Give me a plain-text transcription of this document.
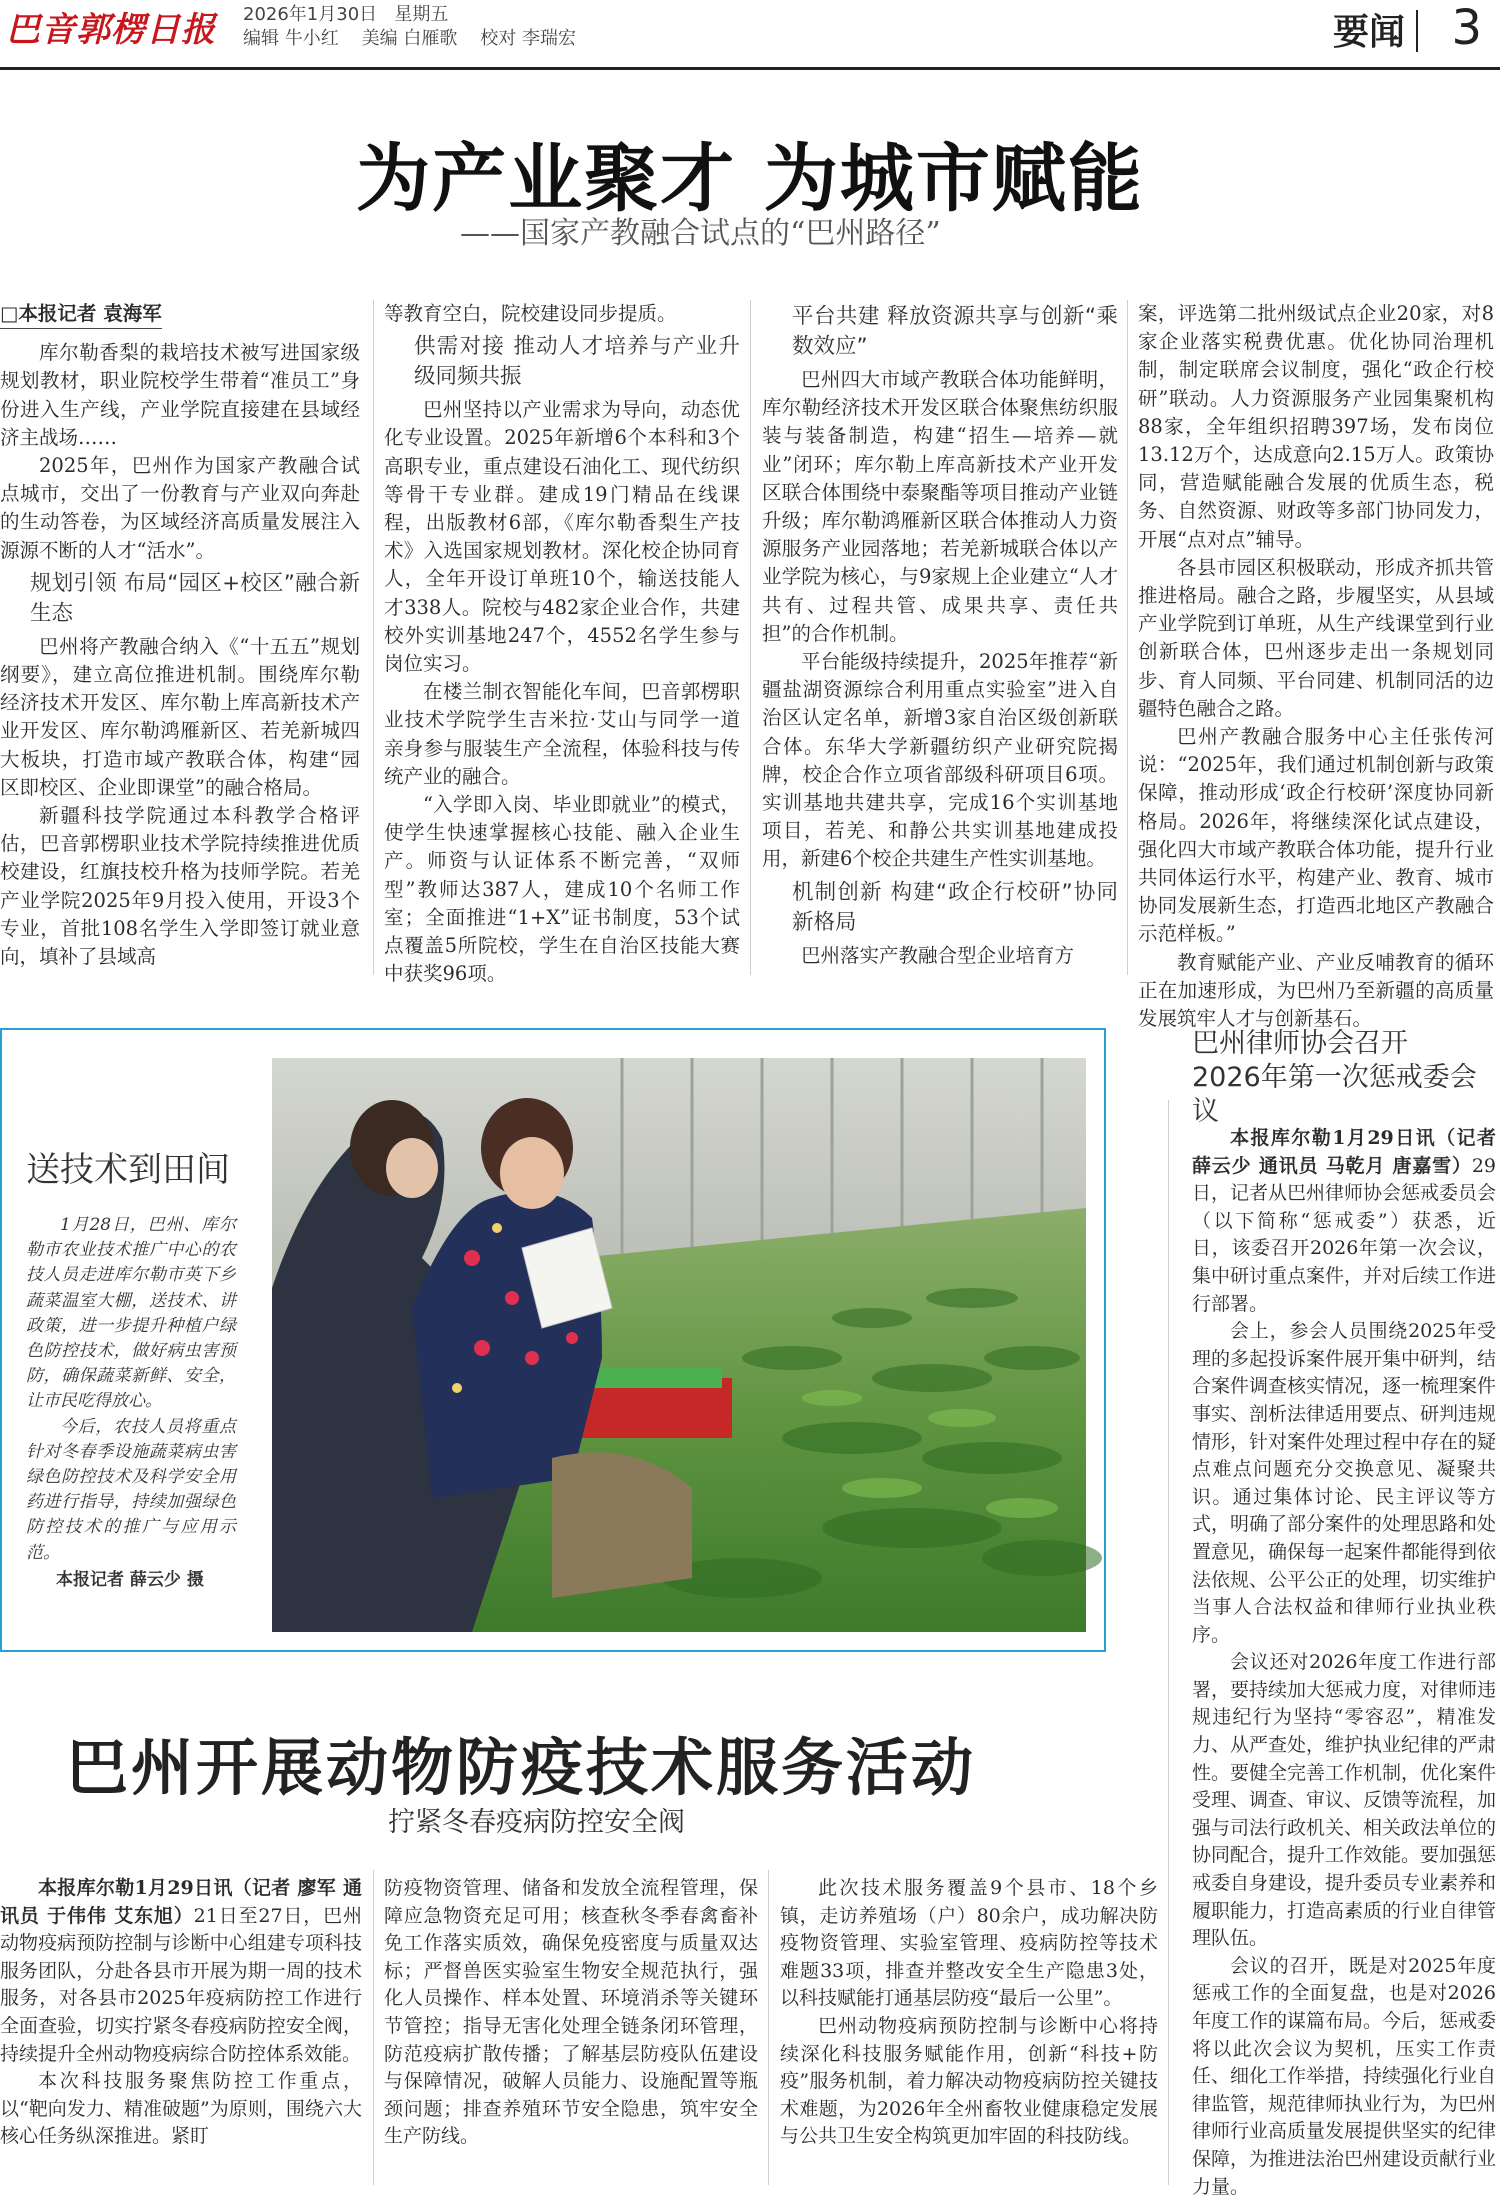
巴音郭楞日报 2026年1月30日 星期五
编辑 牛小红 美编 白雁歌 校对 李瑞宏	要闻 3
为产业聚才 为城市赋能
——国家产教融合试点的“巴州路径”
□本报记者 袁海军

库尔勒香梨的栽培技术被写进国家级规划教材，职业院校学生带着“准员工”身份进入生产线，产业学院直接建在县域经济主战场……

2025年，巴州作为国家产教融合试点城市，交出了一份教育与产业双向奔赴的生动答卷，为区域经济高质量发展注入源源不断的人才“活水”。

规划引领 布局“园区+校区”融合新生态

巴州将产教融合纳入《“十五五”规划纲要》，建立高位推进机制。围绕库尔勒经济技术开发区、库尔勒上库高新技术产业开发区、库尔勒鸿雁新区、若羌新城四大板块，打造市域产教联合体，构建“园区即校区、企业即课堂”的融合格局。

新疆科技学院通过本科教学合格评估，巴音郭楞职业技术学院持续推进优质校建设，红旗技校升格为技师学院。若羌产业学院2025年9月投入使用，开设3个专业，首批108名学生入学即签订就业意向，填补了县域高

等教育空白，院校建设同步提质。

供需对接 推动人才培养与产业升级同频共振

巴州坚持以产业需求为导向，动态优化专业设置。2025年新增6个本科和3个高职专业，重点建设石油化工、现代纺织等骨干专业群。建成19门精品在线课程，出版教材6部，《库尔勒香梨生产技术》入选国家规划教材。深化校企协同育人，全年开设订单班10个，输送技能人才338人。院校与482家企业合作，共建校外实训基地247个，4552名学生参与岗位实习。

在楼兰制衣智能化车间，巴音郭楞职业技术学院学生吉米拉·艾山与同学一道亲身参与服装生产全流程，体验科技与传统产业的融合。

“入学即入岗、毕业即就业”的模式，使学生快速掌握核心技能、融入企业生产。师资与认证体系不断完善，“双师型”教师达387人，建成10个名师工作室；全面推进“1+X”证书制度，53个试点覆盖5所院校，学生在自治区技能大赛中获奖96项。

平台共建 释放资源共享与创新“乘数效应”

巴州四大市域产教联合体功能鲜明，库尔勒经济技术开发区联合体聚焦纺织服装与装备制造，构建“招生—培养—就业”闭环；库尔勒上库高新技术产业开发区联合体围绕中泰聚酯等项目推动产业链升级；库尔勒鸿雁新区联合体推动人力资源服务产业园落地；若羌新城联合体以产业学院为核心，与9家规上企业建立“人才共有、过程共管、成果共享、责任共担”的合作机制。

平台能级持续提升，2025年推荐“新疆盐湖资源综合利用重点实验室”进入自治区认定名单，新增3家自治区级创新联合体。东华大学新疆纺织产业研究院揭牌，校企合作立项省部级科研项目6项。实训基地共建共享，完成16个实训基地项目，若羌、和静公共实训基地建成投用，新建6个校企共建生产性实训基地。

机制创新 构建“政企行校研”协同新格局

巴州落实产教融合型企业培育方

案，评选第二批州级试点企业20家，对8家企业落实税费优惠。优化协同治理机制，制定联席会议制度，强化“政企行校研”联动。人力资源服务产业园集聚机构88家，全年组织招聘397场，发布岗位13.12万个，达成意向2.15万人。政策协同，营造赋能融合发展的优质生态，税务、自然资源、财政等多部门协同发力，开展“点对点”辅导。

各县市园区积极联动，形成齐抓共管推进格局。融合之路，步履坚实，从县域产业学院到订单班，从生产线课堂到行业创新联合体，巴州逐步走出一条规划同步、育人同频、平台同建、机制同活的边疆特色融合之路。

巴州产教融合服务中心主任张传河说：“2025年，我们通过机制创新与政策保障，推动形成‘政企行校研’深度协同新格局。2026年，将继续深化试点建设，强化四大市域产教联合体功能，提升行业共同体运行水平，构建产业、教育、城市协同发展新生态，打造西北地区产教融合示范样板。”

教育赋能产业、产业反哺教育的循环正在加速形成，为巴州乃至新疆的高质量发展筑牢人才与创新基石。

送技术到田间

1月28日，巴州、库尔勒市农业技术推广中心的农技人员走进库尔勒市英下乡蔬菜温室大棚，送技术、讲政策，进一步提升种植户绿色防控技术，做好病虫害预防，确保蔬菜新鲜、安全，让市民吃得放心。

今后，农技人员将重点针对冬春季设施蔬菜病虫害绿色防控技术及科学安全用药进行指导，持续加强绿色防控技术的推广与应用示范。

本报记者 薛云少 摄

巴州律师协会召开
2026年第一次惩戒委会议

本报库尔勒1月29日讯（记者 薛云少 通讯员 马乾月 唐嘉雪）29日，记者从巴州律师协会惩戒委员会（以下简称“惩戒委”）获悉，近日，该委召开2026年第一次会议，集中研讨重点案件，并对后续工作进行部署。

会上，参会人员围绕2025年受理的多起投诉案件展开集中研判，结合案件调查核实情况，逐一梳理案件事实、剖析法律适用要点、研判违规情形，针对案件处理过程中存在的疑点难点问题充分交换意见、凝聚共识。通过集体讨论、民主评议等方式，明确了部分案件的处理思路和处置意见，确保每一起案件都能得到依法依规、公平公正的处理，切实维护当事人合法权益和律师行业执业秩序。

会议还对2026年度工作进行部署，要持续加大惩戒力度，对律师违规违纪行为坚持“零容忍”，精准发力、从严查处，维护执业纪律的严肃性。要健全完善工作机制，优化案件受理、调查、审议、反馈等流程，加强与司法行政机关、相关政法单位的协同配合，提升工作效能。要加强惩戒委自身建设，提升委员专业素养和履职能力，打造高素质的行业自律管理队伍。

会议的召开，既是对2025年度惩戒工作的全面复盘，也是对2026年度工作的谋篇布局。今后，惩戒委将以此次会议为契机，压实工作责任、细化工作举措，持续强化行业自律监管，规范律师执业行为，为巴州律师行业高质量发展提供坚实的纪律保障，为推进法治巴州建设贡献行业力量。

巴州开展动物防疫技术服务活动
拧紧冬春疫病防控安全阀

本报库尔勒1月29日讯（记者 廖军 通讯员 于伟伟 艾东旭）21日至27日，巴州动物疫病预防控制与诊断中心组建专项科技服务团队，分赴各县市开展为期一周的技术服务，对各县市2025年疫病防控工作进行全面查验，切实拧紧冬春疫病防控安全阀，持续提升全州动物疫病综合防控体系效能。

本次科技服务聚焦防控工作重点，以“靶向发力、精准破题”为原则，围绕六大核心任务纵深推进。紧盯

防疫物资管理、储备和发放全流程管理，保障应急物资充足可用；核查秋冬季春禽畜补免工作落实质效，确保免疫密度与质量双达标；严督兽医实验室生物安全规范执行，强化人员操作、样本处置、环境消杀等关键环节管控；指导无害化处理全链条闭环管理，防范疫病扩散传播；了解基层防疫队伍建设与保障情况，破解人员能力、设施配置等瓶颈问题；排查养殖环节安全隐患，筑牢安全生产防线。

此次技术服务覆盖9个县市、18个乡镇，走访养殖场（户）80余户，成功解决防疫物资管理、实验室管理、疫病防控等技术难题33项，排查并整改安全生产隐患3处，以科技赋能打通基层防疫“最后一公里”。

巴州动物疫病预防控制与诊断中心将持续深化科技服务赋能作用，创新“科技+防疫”服务机制，着力解决动物疫病防控关键技术难题，为2026年全州畜牧业健康稳定发展与公共卫生安全构筑更加牢固的科技防线。
